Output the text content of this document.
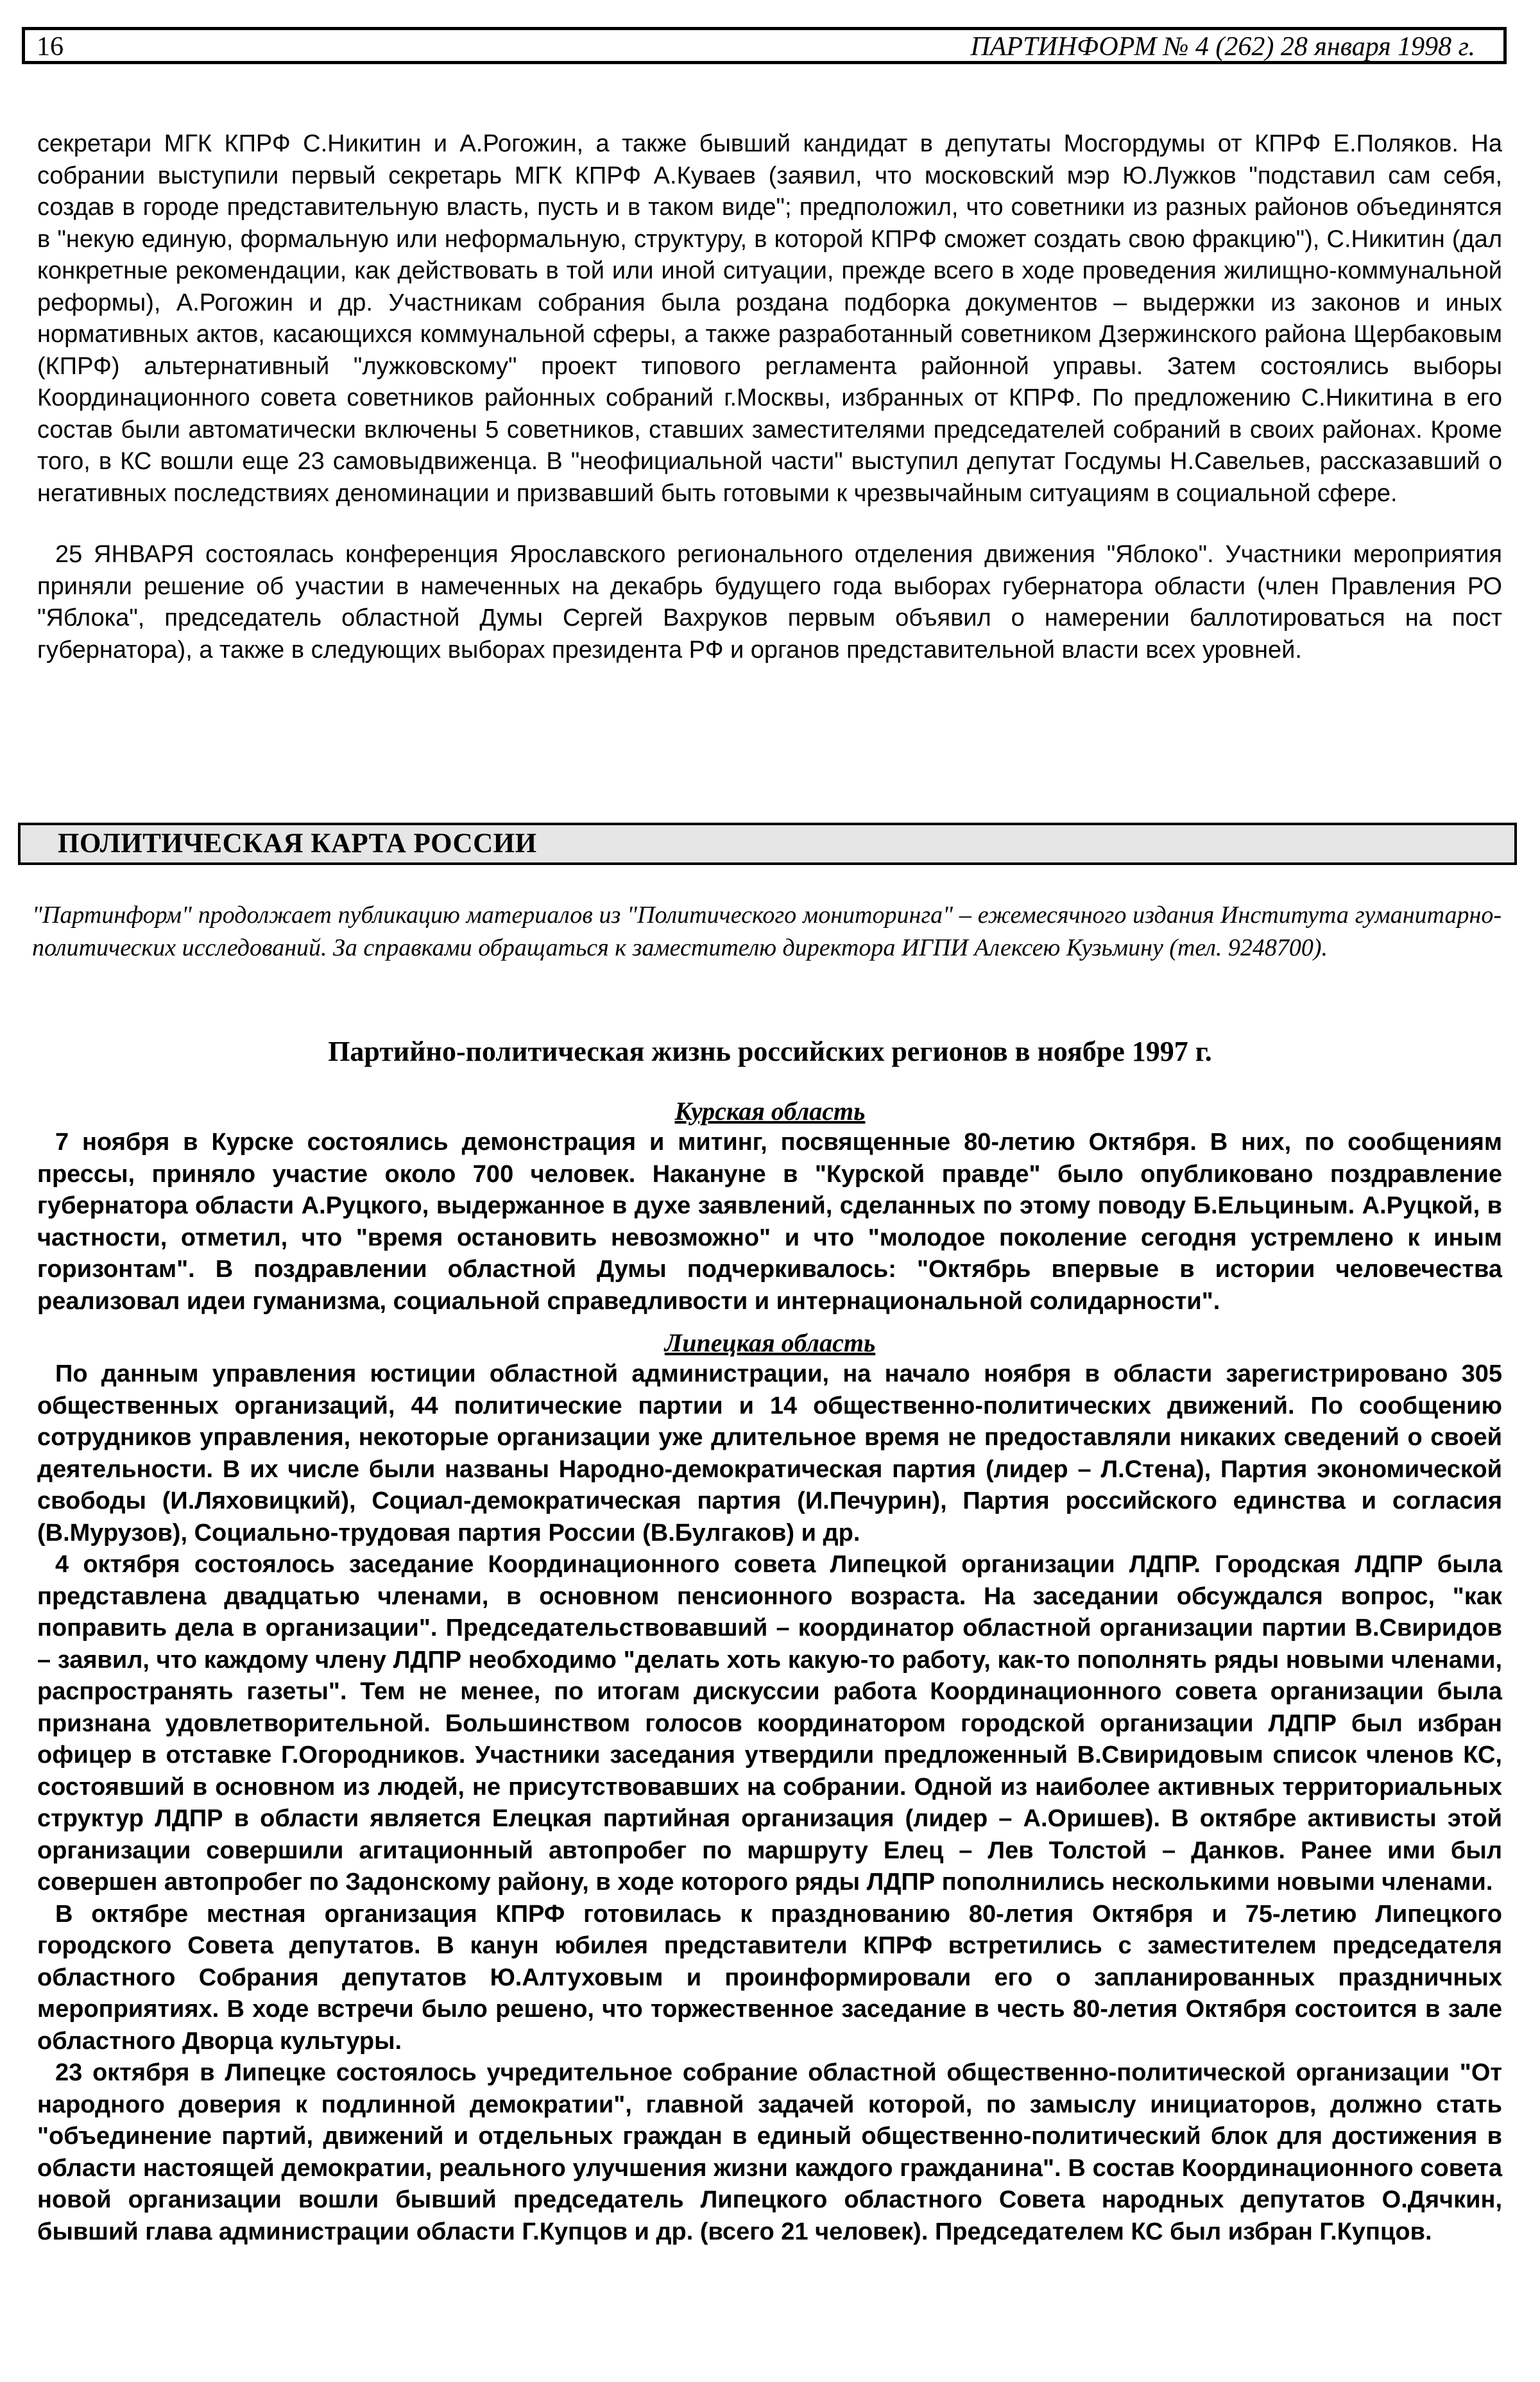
16	ПАРТИНФОРМ № 4 (262) 28 января 1998 г.

секретари МГК КПРФ С.Никитин и А.Рогожин, а также бывший кандидат в депутаты Мосгордумы от КПРФ Е.Поляков. На собрании выступили первый секретарь МГК КПРФ А.Куваев (заявил, что московский мэр Ю.Лужков "подставил сам себя, создав в городе представительную власть, пусть и в таком виде"; предположил, что советники из разных районов объединятся в "некую единую, формальную или неформальную, структуру, в которой КПРФ сможет создать свою фракцию"), С.Никитин (дал конкретные рекомендации, как действовать в той или иной ситуации, прежде всего в ходе проведения жилищно-коммунальной реформы), А.Рогожин и др. Участникам собрания была роздана подборка документов – выдержки из законов и иных нормативных актов, касающихся коммунальной сферы, а также разработанный советником Дзержинского района Щербаковым (КПРФ) альтернативный "лужковскому" проект типового регламента районной управы. Затем состоялись выборы Координационного совета советников районных собраний г.Москвы, избранных от КПРФ. По предложению С.Никитина в его состав были автоматически включены 5 советников, ставших заместителями председателей собраний в своих районах. Кроме того, в КС вошли еще 23 самовыдвиженца. В "неофициальной части" выступил депутат Госдумы Н.Савельев, рассказавший о негативных последствиях деноминации и призвавший быть готовыми к чрезвычайным ситуациям в социальной сфере.

25 ЯНВАРЯ состоялась конференция Ярославского регионального отделения движения "Яблоко". Участники мероприятия приняли решение об участии в намеченных на декабрь будущего года выборах губернатора области (член Правления РО "Яблока", председатель областной Думы Сергей Вахруков первым объявил о намерении баллотироваться на пост губернатора), а также в следующих выборах президента РФ и органов представительной власти всех уровней.

ПОЛИТИЧЕСКАЯ КАРТА РОССИИ
"Партинформ" продолжает публикацию материалов из "Политического мониторинга" – ежемесячного издания Института гуманитарно-политических исследований. За справками обращаться к заместителю директора ИГПИ Алексею Кузьмину (тел. 9248700).
Партийно-политическая жизнь российских регионов в ноябре 1997 г.
Курская область

7 ноября в Курске состоялись демонстрация и митинг, посвященные 80-летию Октября. В них, по сообщениям прессы, приняло участие около 700 человек. Накануне в "Курской правде" было опубликовано поздравление губернатора области А.Руцкого, выдержанное в духе заявлений, сделанных по этому поводу Б.Ельциным. А.Руцкой, в частности, отметил, что "время остановить невозможно" и что "молодое поколение сегодня устремлено к иным горизонтам". В поздравлении областной Думы подчеркивалось: "Октябрь впервые в истории человечества реализовал идеи гуманизма, социальной справедливости и интернациональной солидарности".

Липецкая область

По данным управления юстиции областной администрации, на начало ноября в области зарегистрировано 305 общественных организаций, 44 политические партии и 14 общественно-политических движений. По сообщению сотрудников управления, некоторые организации уже длительное время не предоставляли никаких сведений о своей деятельности. В их числе были названы Народно-демократическая партия (лидер – Л.Стена), Партия экономической свободы (И.Ляховицкий), Социал-демократическая партия (И.Печурин), Партия российского единства и согласия (В.Мурузов), Социально-трудовая партия России (В.Булгаков) и др.

4 октября состоялось заседание Координационного совета Липецкой организации ЛДПР. Городская ЛДПР была представлена двадцатью членами, в основном пенсионного возраста. На заседании обсуждался вопрос, "как поправить дела в организации". Председательствовавший – координатор областной организации партии В.Свиридов – заявил, что каждому члену ЛДПР необходимо "делать хоть какую-то работу, как-то пополнять ряды новыми членами, распространять газеты". Тем не менее, по итогам дискуссии работа Координационного совета организации была признана удовлетворительной. Большинством голосов координатором городской организации ЛДПР был избран офицер в отставке Г.Огородников. Участники заседания утвердили предложенный В.Свиридовым список членов КС, состоявший в основном из людей, не присутствовавших на собрании. Одной из наиболее активных территориальных структур ЛДПР в области является Елецкая партийная организация (лидер – А.Оришев). В октябре активисты этой организации совершили агитационный автопробег по маршруту Елец – Лев Толстой – Данков. Ранее ими был совершен автопробег по Задонскому району, в ходе которого ряды ЛДПР пополнились несколькими новыми членами.

В октябре местная организация КПРФ готовилась к празднованию 80-летия Октября и 75-летию Липецкого городского Совета депутатов. В канун юбилея представители КПРФ встретились с заместителем председателя областного Собрания депутатов Ю.Алтуховым и проинформировали его о запланированных праздничных мероприятиях. В ходе встречи было решено, что торжественное заседание в честь 80-летия Октября состоится в зале областного Дворца культуры.

23 октября в Липецке состоялось учредительное собрание областной общественно-политической организации "От народного доверия к подлинной демократии", главной задачей которой, по замыслу инициаторов, должно стать "объединение партий, движений и отдельных граждан в единый общественно-политический блок для достижения в области настоящей демократии, реального улучшения жизни каждого гражданина". В состав Координационного совета новой организации вошли бывший председатель Липецкого областного Совета народных депутатов О.Дячкин, бывший глава администрации области Г.Купцов и др. (всего 21 человек). Председателем КС был избран Г.Купцов.
